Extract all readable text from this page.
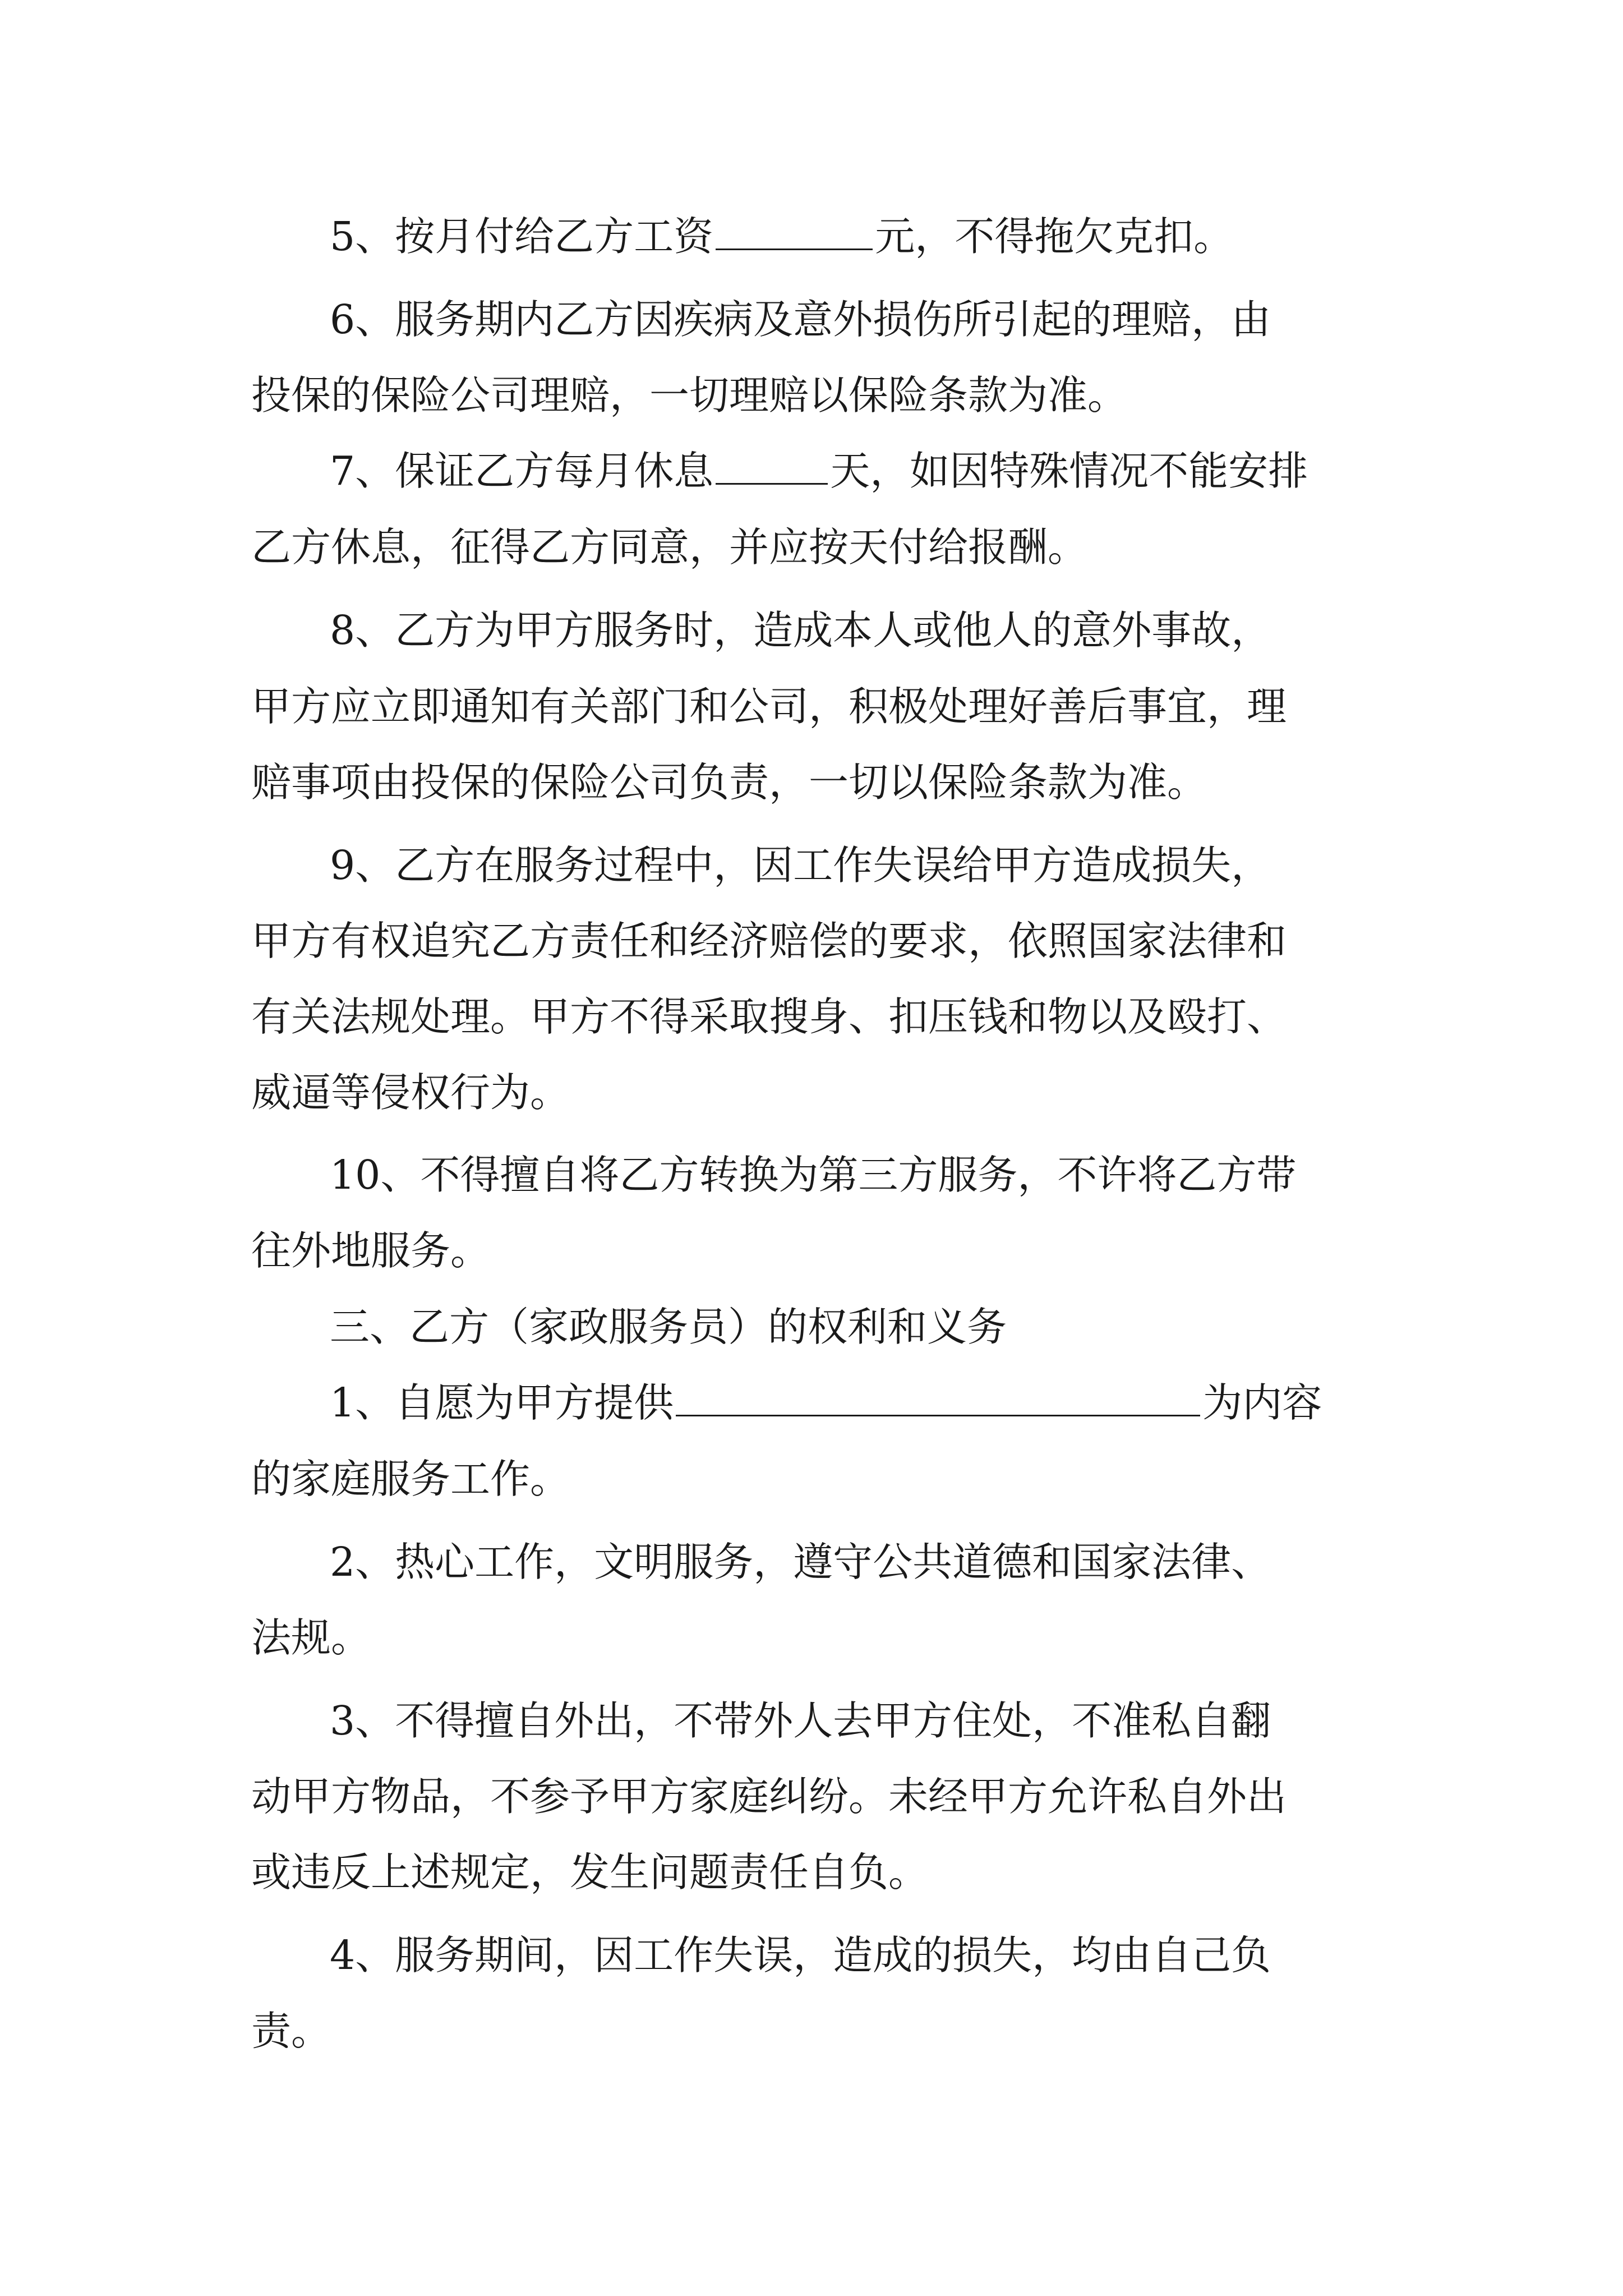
5、按月付给乙方工资	元，不得拖欠克扣。
6、服务期内乙方因疾病及意外损伤所引起的理赔，由
投保的保险公司理赔，一切理赔以保险条款为准。
7、保证乙方每月休息	天，如因特殊情况不能安排
乙方休息，征得乙方同意，并应按天付给报酬。
8、乙方为甲方服务时，造成本人或他人的意外事故，
甲方应立即通知有关部门和公司，积极处理好善后事宜，理
赔事项由投保的保险公司负责，一切以保险条款为准。
9、乙方在服务过程中，因工作失误给甲方造成损失，
甲方有权追究乙方责任和经济赔偿的要求，依照国家法律和
有关法规处理。甲方不得采取搜身、扣压钱和物以及殴打、
威逼等侵权行为。
10、不得擅自将乙方转换为第三方服务，不许将乙方带
往外地服务。
三、乙方（家政服务员）的权利和义务
1、自愿为甲方提供	为内容
的家庭服务工作。
2、热心工作，文明服务，遵守公共道德和国家法律、
法规。
3、不得擅自外出，不带外人去甲方住处，不准私自翻
动甲方物品，不参予甲方家庭纠纷。未经甲方允许私自外出
或违反上述规定，发生问题责任自负。
4、服务期间，因工作失误，造成的损失，均由自己负
责。
